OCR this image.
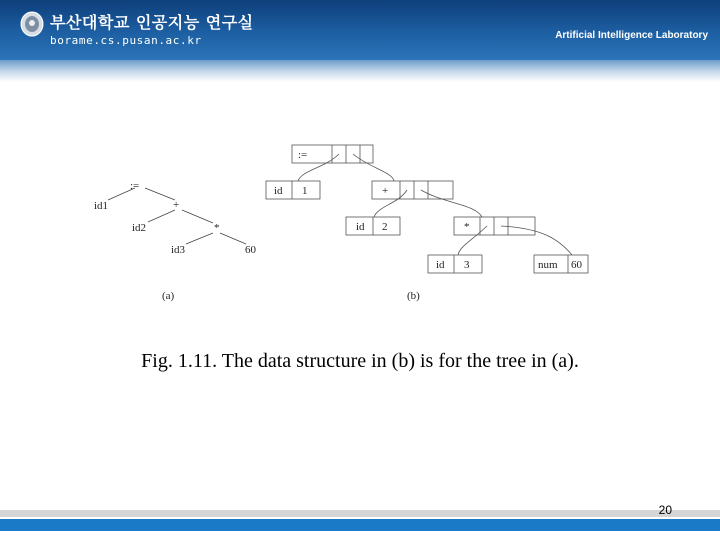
부산대학교 인공지능 연구실
borame.cs.pusan.ac.kr	Artificial Intelligence Laboratory
:=
id1	+
id2	*
id3	60
(a)
:=
id 1	+
id 2	*
id 3	num 60
(b)
Fig. 1.11. The data structure in (b) is for the tree in (a).
20
